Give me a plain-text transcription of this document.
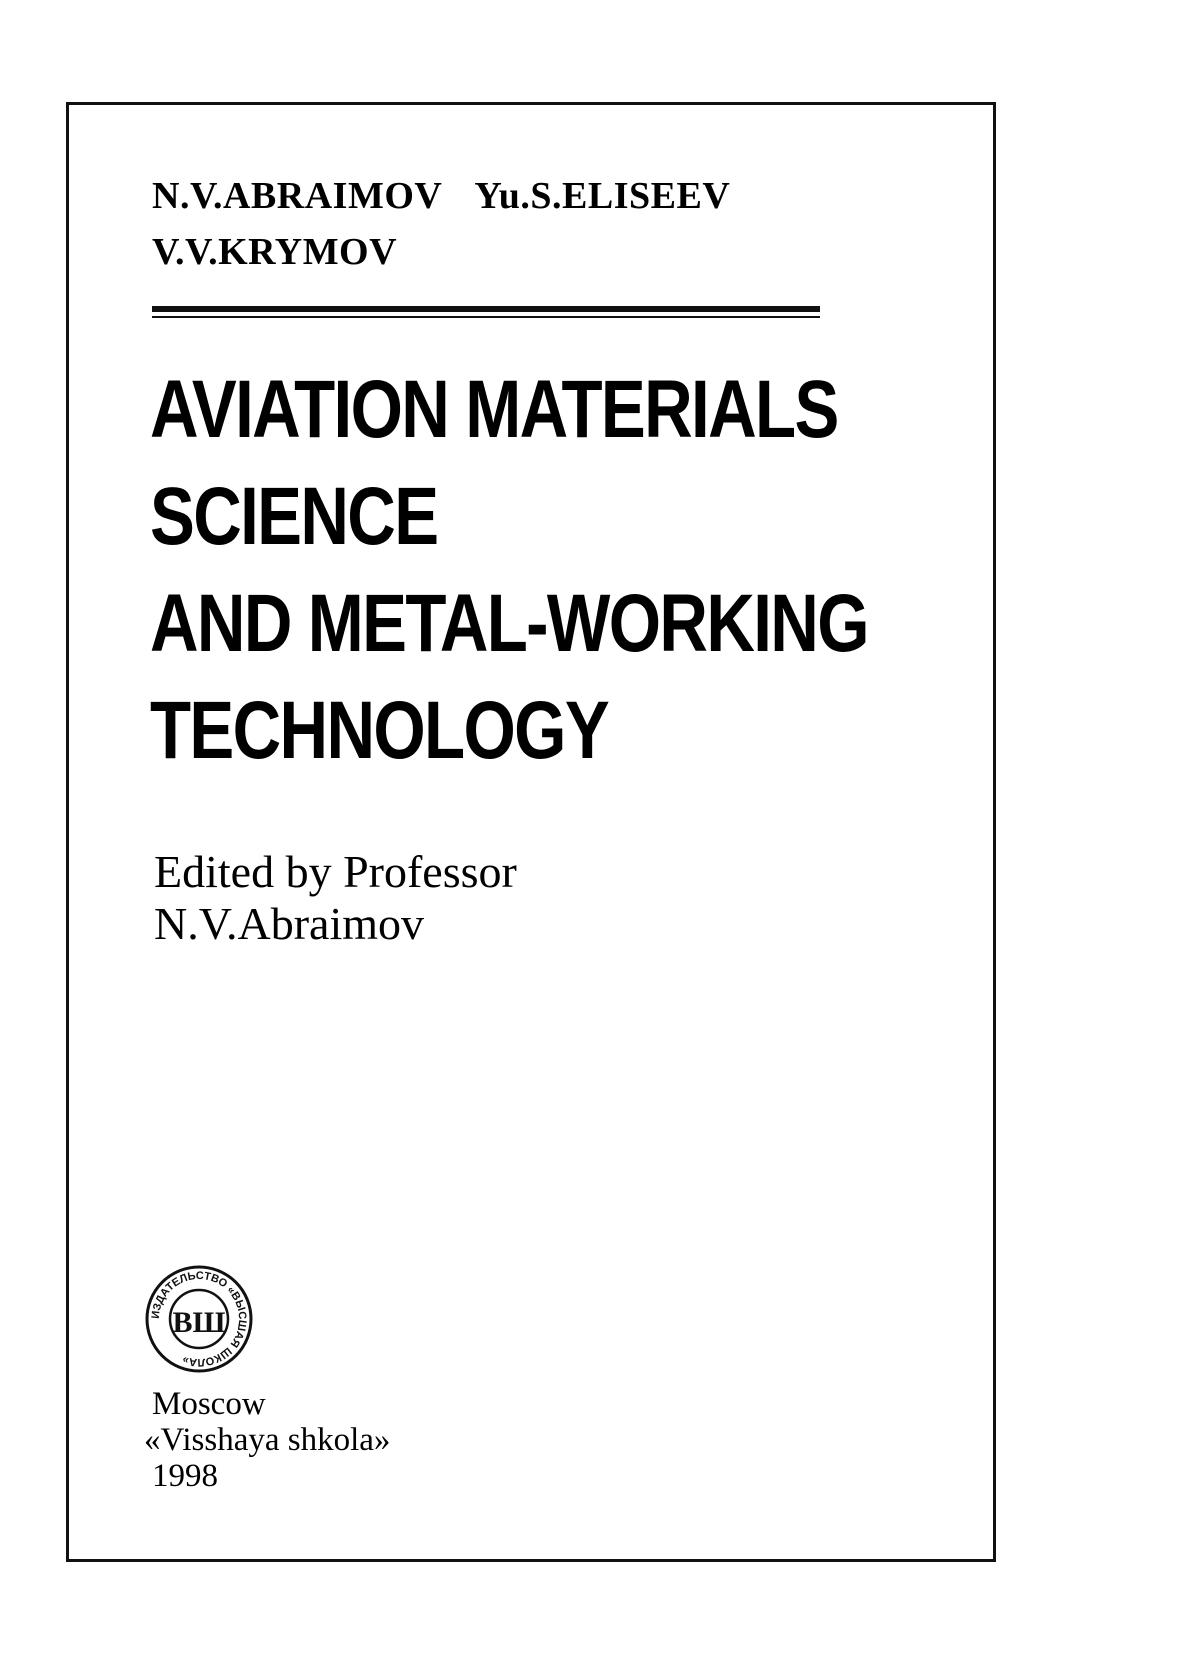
N.V.ABRAIMOV Yu.S.ELISEEV
V.V.KRYMOV
AVIATION MATERIALS
SCIENCE
AND METAL-WORKING
TECHNOLOGY
Edited by Professor
N.V.Abraimov
ИЗДАТЕЛЬСТВО «ВЫСШАЯ ШКОЛА»
ВШ
Moscow
«Visshaya shkola»
1998
